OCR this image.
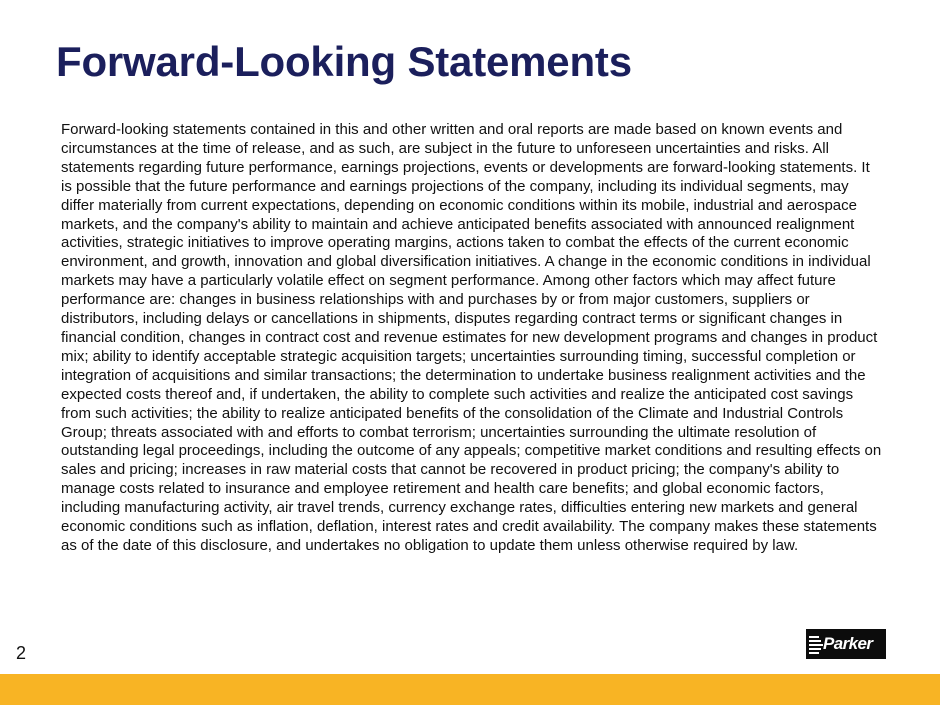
Forward-Looking Statements

Forward-looking statements contained in this and other written and oral reports are made based on known events and circumstances at the time of release, and as such, are subject in the future to unforeseen uncertainties and risks. All statements regarding future performance, earnings projections, events or developments are forward-looking statements. It is possible that the future performance and earnings projections of the company, including its individual segments, may differ materially from current expectations, depending on economic conditions within its mobile, industrial and aerospace markets, and the company's ability to maintain and achieve anticipated benefits associated with announced realignment activities, strategic initiatives to improve operating margins, actions taken to combat the effects of the current economic environment, and growth, innovation and global diversification initiatives. A change in the economic conditions in individual markets may have a particularly volatile effect on segment performance. Among other factors which may affect future performance are: changes in business relationships with and purchases by or from major customers, suppliers or distributors, including delays or cancellations in shipments, disputes regarding contract terms or significant changes in financial condition, changes in contract cost and revenue estimates for new development programs and changes in product mix; ability to identify acceptable strategic acquisition targets; uncertainties surrounding timing, successful completion or integration of acquisitions and similar transactions; the determination to undertake business realignment activities and the expected costs thereof and, if undertaken, the ability to complete such activities and realize the anticipated cost savings from such activities; the ability to realize anticipated benefits of the consolidation of the Climate and Industrial Controls Group; threats associated with and efforts to combat terrorism; uncertainties surrounding the ultimate resolution of outstanding legal proceedings, including the outcome of any appeals; competitive market conditions and resulting effects on sales and pricing; increases in raw material costs that cannot be recovered in product pricing; the company's ability to manage costs related to insurance and employee retirement and health care benefits; and global economic factors, including manufacturing activity, air travel trends, currency exchange rates, difficulties entering new markets and general economic conditions such as inflation, deflation, interest rates and credit availability. The company makes these statements as of the date of this disclosure, and undertakes no obligation to update them unless otherwise required by law.

2	Parker
